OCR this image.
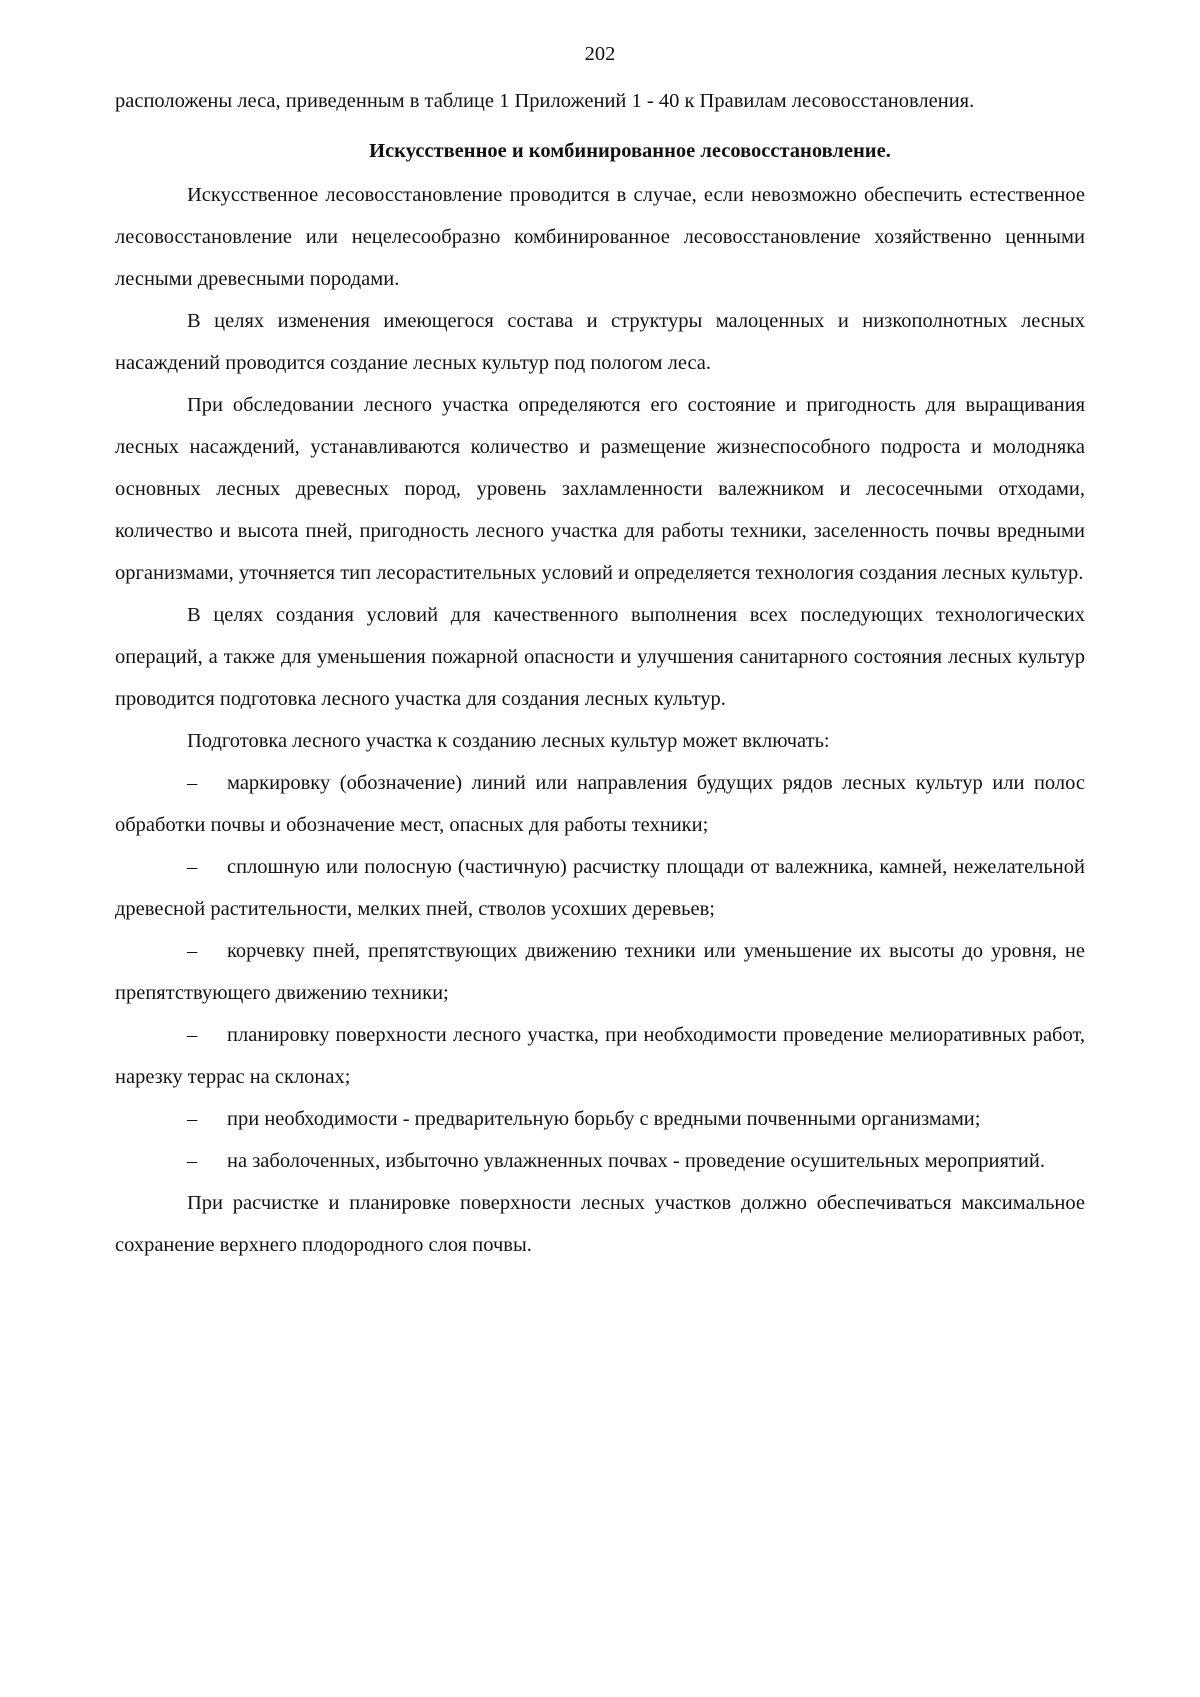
202

расположены леса, приведенным в таблице 1 Приложений 1 - 40 к Правилам лесовосстановления.

Искусственное и комбинированное лесовосстановление.

Искусственное лесовосстановление проводится в случае, если невозможно обеспечить естественное лесовосстановление или нецелесообразно комбинированное лесовосстановление хозяйственно ценными лесными древесными породами.

В целях изменения имеющегося состава и структуры малоценных и низкополнотных лесных насаждений проводится создание лесных культур под пологом леса.

При обследовании лесного участка определяются его состояние и пригодность для выращивания лесных насаждений, устанавливаются количество и размещение жизнеспособного подроста и молодняка основных лесных древесных пород, уровень захламленности валежником и лесосечными отходами, количество и высота пней, пригодность лесного участка для работы техники, заселенность почвы вредными организмами, уточняется тип лесорастительных условий и определяется технология создания лесных культур.

В целях создания условий для качественного выполнения всех последующих технологических операций, а также для уменьшения пожарной опасности и улучшения санитарного состояния лесных культур проводится подготовка лесного участка для создания лесных культур.

Подготовка лесного участка к созданию лесных культур может включать:

– маркировку (обозначение) линий или направления будущих рядов лесных культур или полос обработки почвы и обозначение мест, опасных для работы техники;

– сплошную или полосную (частичную) расчистку площади от валежника, камней, нежелательной древесной растительности, мелких пней, стволов усохших деревьев;

– корчевку пней, препятствующих движению техники или уменьшение их высоты до уровня, не препятствующего движению техники;

– планировку поверхности лесного участка, при необходимости проведение мелиоративных работ, нарезку террас на склонах;

– при необходимости - предварительную борьбу с вредными почвенными организмами;

– на заболоченных, избыточно увлажненных почвах - проведение осушительных мероприятий.

При расчистке и планировке поверхности лесных участков должно обеспечиваться максимальное сохранение верхнего плодородного слоя почвы.
